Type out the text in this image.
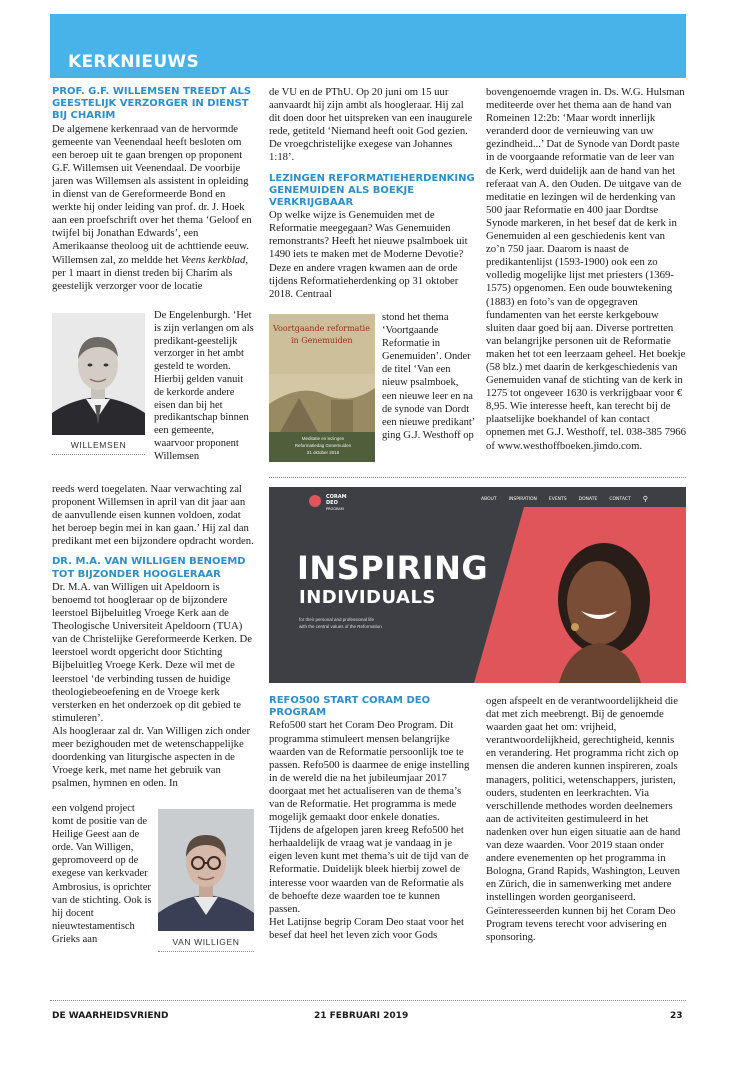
KERKNIEUWS
PROF. G.F. WILLEMSEN TREEDT ALS GEESTELIJK VERZORGER IN DIENST BIJ CHARIM

De algemene kerkenraad van de hervormde gemeente van Veenendaal heeft besloten om een beroep uit te gaan brengen op proponent G.F. Willemsen uit Veenendaal. De voorbije jaren was Willemsen als assistent in opleiding in dienst van de Gereformeerde Bond en werkte hij onder leiding van prof. dr. J. Hoek aan een proefschrift over het thema ‘Geloof en twijfel bij Jonathan Edwards’, een Amerikaanse theoloog uit de achttiende eeuw.

Willemsen zal, zo meldde het Veens kerkblad, per 1 maart in dienst treden bij Charim als geestelijk verzorger voor de locatie

WILLEMSEN
De Engelenburgh. ‘Het is zijn verlangen om als predikant-geestelijk verzorger in het ambt gesteld te worden. Hierbij gelden vanuit de kerkorde andere eisen dan bij het predikantschap binnen een gemeente, waarvoor proponent Willemsen

reeds werd toegelaten. Naar verwachting zal proponent Willemsen in april van dit jaar aan de aanvullende eisen kunnen voldoen, zodat het beroep begin mei in kan gaan.’ Hij zal dan predikant met een bijzondere opdracht worden.

DR. M.A. VAN WILLIGEN BENOEMD TOT BIJZONDER HOOGLERAAR

Dr. M.A. van Willigen uit Apeldoorn is benoemd tot hoogleraar op de bijzondere leerstoel Bijbeluitleg Vroege Kerk aan de Theologische Universiteit Apeldoorn (TUA) van de Christelijke Gereformeerde Kerken. De leerstoel wordt opgericht door Stichting Bijbeluitleg Vroege Kerk. Deze wil met de leerstoel ‘de verbinding tussen de huidige theologiebeoefening en de Vroege kerk versterken en het onderzoek op dit gebied te stimuleren’.

Als hoogleraar zal dr. Van Willigen zich onder meer bezighouden met de wetenschappelijke doordenking van liturgische aspecten in de Vroege kerk, met name het gebruik van psalmen, hymnen en oden. In

een volgend project komt de positie van de Heilige Geest aan de orde. Van Willigen, gepromoveerd op de exegese van kerkvader Ambrosius, is oprichter van de stichting. Ook is hij docent nieuwtestamentisch Grieks aan	VAN WILLIGEN

de VU en de PThU. Op 20 juni om 15 uur aanvaardt hij zijn ambt als hoogleraar. Hij zal dit doen door het uitspreken van een inaugurele rede, getiteld ‘Niemand heeft ooit God gezien. De vroegchristelijke exegese van Johannes 1:18’.

LEZINGEN REFORMATIEHERDENKING GENEMUIDEN ALS BOEKJE VERKRIJGBAAR

Op welke wijze is Genemuiden met de Reformatie meegegaan? Was Genemuiden remonstrants? Heeft het nieuwe psalmboek uit 1490 iets te maken met de Moderne Devotie? Deze en andere vragen kwamen aan de orde tijdens Reformatieherdenking op 31 oktober 2018. Centraal

Voortgaande reformatie
in Genemuiden
Meditatie en lezingen
Reformatiedag Genemuiden
31 oktober 2018
stond het thema ‘Voortgaande Reformatie in Genemuiden’. Onder de titel ‘Van een nieuw psalmboek, een nieuwe leer en na de synode van Dordt een nieuwe predikant’ ging G.J. Westhoff op

bovengenoemde vragen in. Ds. W.G. Hulsman mediteerde over het thema aan de hand van Romeinen 12:2b: ‘Maar wordt innerlijk veranderd door de vernieuwing van uw gezindheid...’ Dat de Synode van Dordt paste in de voorgaande reformatie van de leer van de Kerk, werd duidelijk aan de hand van het referaat van A. den Ouden. De uitgave van de meditatie en lezingen wil de herdenking van 500 jaar Reformatie en 400 jaar Dordtse Synode markeren, in het besef dat de kerk in Genemuiden al een geschiedenis kent van zo’n 750 jaar. Daarom is naast de predikantenlijst (1593-1900) ook een zo volledig mogelijke lijst met priesters (1369-1575) opgenomen. Een oude bouwtekening (1883) en foto’s van de opgegraven fundamenten van het eerste kerkgebouw sluiten daar goed bij aan. Diverse portretten van belangrijke personen uit de Reformatie maken het tot een leerzaam geheel. Het boekje (58 blz.) met daarin de kerkgeschiedenis van Genemuiden vanaf de stichting van de kerk in 1275 tot ongeveer 1630 is verkrijgbaar voor € 8,95. Wie interesse heeft, kan terecht bij de plaatselijke boekhandel of kan contact opnemen met G.J. Westhoff, tel. 038-385 7966 of www.westhoffboeken.jimdo.com.

CORAM
DEO
PROGRAM
ABOUT	INSPIRATION	EVENTS	DONATE	CONTACT ⚲
INSPIRING
INDIVIDUALS
for their personal and professional life
with the central values of the Reformation
REFO500 START CORAM DEO PROGRAM

Refo500 start het Coram Deo Program. Dit programma stimuleert mensen belangrijke waarden van de Reformatie persoonlijk toe te passen. Refo500 is daarmee de enige instelling in de wereld die na het jubileumjaar 2017 doorgaat met het actualiseren van de thema’s van de Reformatie. Het programma is mede mogelijk gemaakt door enkele donaties.

Tijdens de afgelopen jaren kreeg Refo500 het herhaaldelijk de vraag wat je vandaag in je eigen leven kunt met thema’s uit de tijd van de Reformatie. Duidelijk bleek hierbij zowel de interesse voor waarden van de Reformatie als de behoefte deze waarden toe te kunnen passen.

Het Latijnse begrip Coram Deo staat voor het besef dat heel het leven zich voor Gods

ogen afspeelt en de verantwoordelijkheid die dat met zich meebrengt. Bij de genoemde waarden gaat het om: vrijheid, verantwoordelijkheid, gerechtigheid, kennis en verandering. Het programma richt zich op mensen die anderen kunnen inspireren, zoals managers, politici, wetenschappers, juristen, ouders, studenten en leerkrachten. Via verschillende methodes worden deelnemers aan de activiteiten gestimuleerd in het nadenken over hun eigen situatie aan de hand van deze waarden. Voor 2019 staan onder andere evenementen op het programma in Bologna, Grand Rapids, Washington, Leuven en Zürich, die in samenwerking met andere instellingen worden georganiseerd.

Geïnteresseerden kunnen bij het Coram Deo Program tevens terecht voor advisering en sponsoring.

DE WAARHEIDSVRIEND	21 FEBRUARI 2019	23
